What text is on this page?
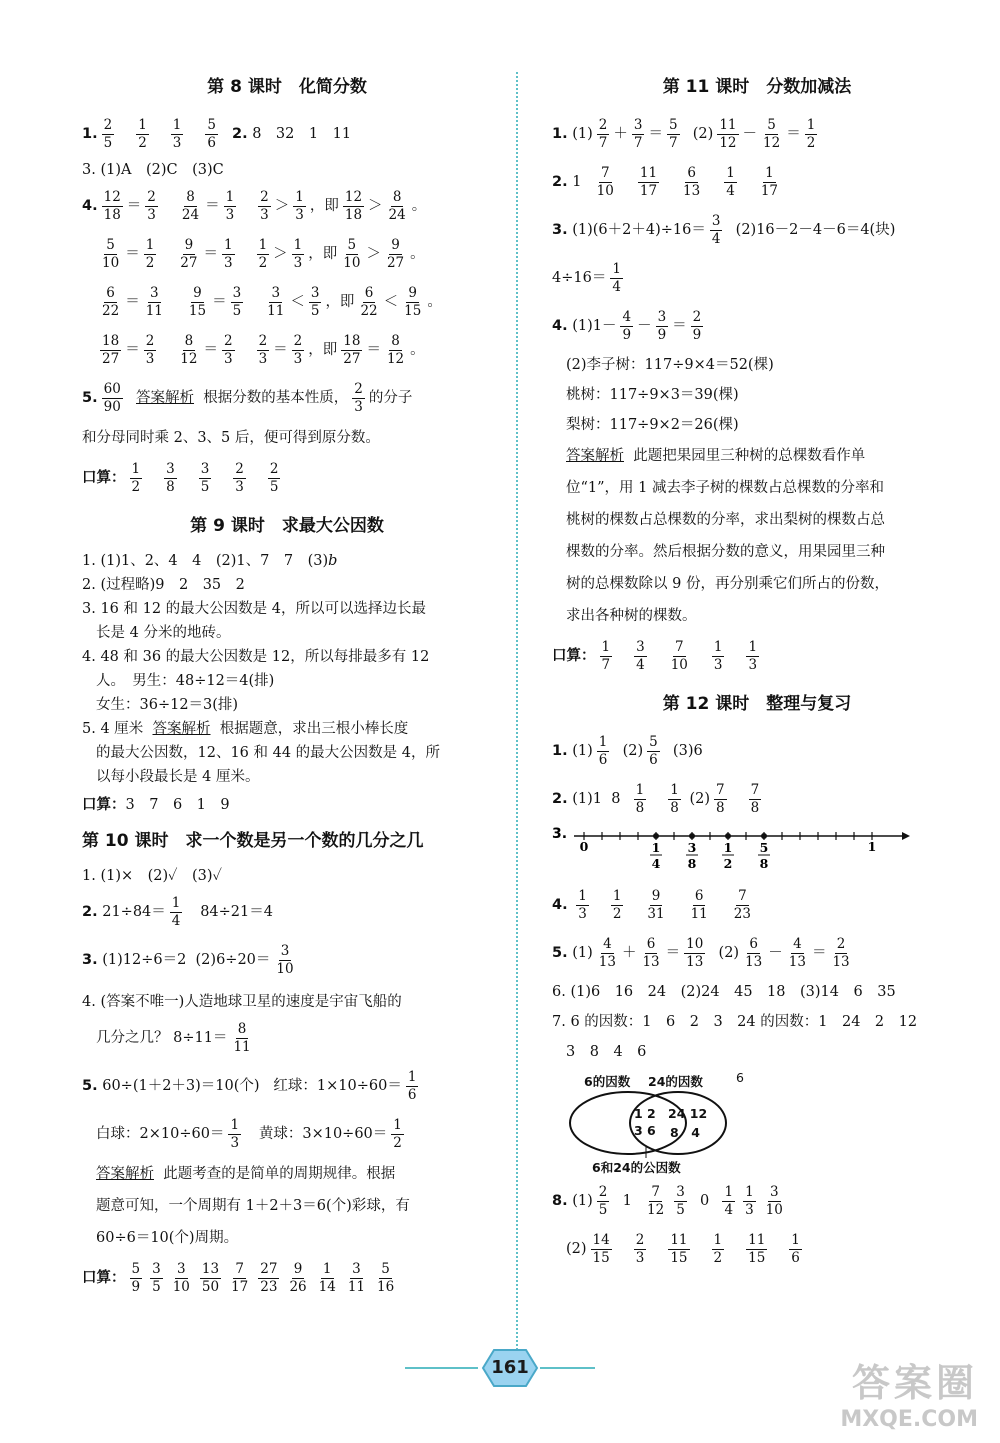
第 8 课时　化简分数
1. $\frac{2}{5} \frac{1}{2} \frac{1}{3} \frac{5}{6} 2$. 8　32　1　11
3. (1)A　(2)C　(3)C
4. $\frac{12}{18} = \frac{2}{3} \frac{8}{24} = \frac{1}{3} \frac{2}{3} > \frac{1}{3}$ ，即 $\frac{12}{18} > \frac{8}{24}$ 。
$\frac{5}{10} = \frac{1}{2} \frac{9}{27} = \frac{1}{3} \frac{1}{2} > \frac{1}{3}$ ，即 $\frac{5}{10} > \frac{9}{27}$ 。
$\frac{6}{22} = \frac{3}{11} \frac{9}{15} = \frac{3}{5} \frac{3}{11} < \frac{3}{5}$ ，即 $\frac{6}{22} < \frac{9}{15}$ 。
$\frac{18}{27} = \frac{2}{3} \frac{8}{12} = \frac{2}{3} \frac{2}{3} = \frac{2}{3}$ ，即 $\frac{18}{27} = \frac{8}{12}$ 。
5. $\frac{60}{90}$
答案解析 根据分数的基本性质， $\frac{2}{3}$ 的分子
和分母同时乘 2、3、5 后，便可得到原分数。
口算： $\frac{1}{2} \frac{3}{8} \frac{3}{5} \frac{2}{3} \frac{2}{5}$
第 9 课时　求最大公因数
1. (1)1、2、4　4　(2)1、7　7　(3)b
2. (过程略)9　2　35　2
3. 16 和 12 的最大公因数是 4，所以可以选择边长最
长是 4 分米的地砖。
4. 48 和 36 的最大公因数是 12，所以每排最多有 12
人。　男生：48÷12＝4(排)
女生：36÷12＝3(排)
5. 4 厘米 答案解析 根据题意，求出三根小棒长度
的最大公因数，12、16 和 44 的最大公因数是 4，所
以每小段最长是 4 厘米。
口算：3　7　6　1　9
第 10 课时　求一个数是另一个数的几分之几
1. (1)×　(2)✓　(3)✓
2. $21\div 84= \frac{1}{4} 84\div 21=4$
3. (1)12÷6＝2  $(2)6\div 20= \frac{3}{10}$
4. (答案不唯一)人造地球卫星的速度是宇宙飞船的
几分之几？ $8\div 11= \frac{8}{11}$
5. 60÷(1＋2＋3)＝10(个)   红球：$1\times 10\div 60= \frac{1}{6}$
白球：$2\times 10\div 60= \frac{1}{3}$ 黄球：$3\times 10\div 60= \frac{1}{2}$
答案解析 此题考查的是简单的周期规律。根据
题意可知，一个周期有 1＋2＋3＝6(个)彩球，有
60÷6＝10(个)周期。
口算： $\frac{5}{9} \frac{3}{5} \frac{3}{10} \frac{13}{50} \frac{7}{17} \frac{27}{23} \frac{9}{26} \frac{1}{14} \frac{3}{11} \frac{5}{16}$
第 11 课时　分数加减法
1. $(1) \frac{2}{7} + \frac{3}{7} = \frac{5}{7} (2) \frac{11}{12} - \frac{5}{12} = \frac{1}{2}$
2. $1 \frac{7}{10} \frac{11}{17} \frac{6}{13} \frac{1}{4} \frac{1}{17}$
3. $(1)(6+2+4)\div 16= \frac{3}{4} (2)16-2-4-6=4$(块)
$4\div 16= \frac{1}{4}$
4. $(1)1- \frac{4}{9} - \frac{3}{9} = \frac{2}{9}$
(2)李子树：117÷9×4＝52(棵)
桃树：117÷9×3＝39(棵)
梨树：117÷9×2＝26(棵)
答案解析 此题把果园里三种树的总棵数看作单
位“1”，用 1 减去李子树的棵数占总棵数的分率和
桃树的棵数占总棵数的分率，求出梨树的棵数占总
棵数的分率。然后根据分数的意义，用果园里三种
树的总棵数除以 9 份，再分别乘它们所占的份数，
求出各种树的棵数。
口算： $\frac{1}{7} \frac{3}{4} \frac{7}{10} \frac{1}{3} \frac{1}{3}$
第 12 课时　整理与复习
1. $(1) \frac{1}{6} (2) \frac{5}{6} (3)6$
2. (1)1  $8 \frac{1}{8} \frac{1}{8} (2) \frac{7}{8} \frac{7}{8}$
3.
0	1
1
4
3
8
1
2
5
8
4.
$\frac{1}{3} \frac{1}{2} \frac{9}{31} \frac{6}{11} \frac{7}{23}$
5. $(1) \frac{4}{13} + \frac{6}{13} = \frac{10}{13} (2) \frac{6}{13} - \frac{4}{13} = \frac{2}{13}$
6. (1)6　16　24　(2)24　45　18　(3)14　6　35
7. 6 的因数：1　6　2　3　24 的因数：1　24　2　12
3　8　4　6
6的因数 24的因数	6
1 2
3 6
24 12
8　4
6和24的公因数
8. $(1) \frac{2}{5} 1 \frac{7}{12} \frac{3}{5} 0 \frac{1}{4} \frac{1}{3} \frac{3}{10}$
$(2) \frac{14}{15} \frac{2}{3} \frac{11}{15} \frac{1}{2} \frac{11}{15} \frac{1}{6}$
161	答案圈
MXQE.COM
